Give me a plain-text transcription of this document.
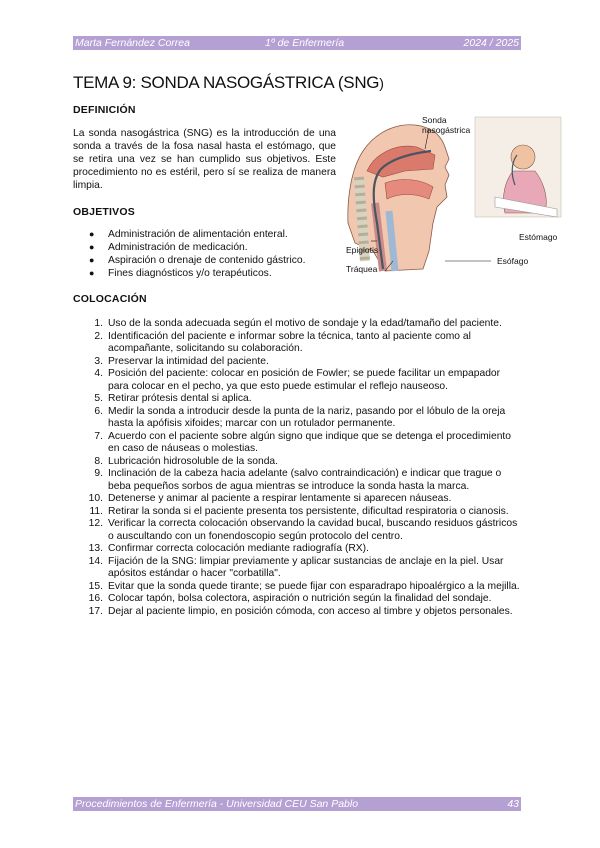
Marta Fernández Correa	1º de Enfermería	2024 / 2025
TEMA 9: SONDA NASOGÁSTRICA (SNG)
DEFINICIÓN

La sonda nasogástrica (SNG) es la introducción de una sonda a través de la fosa nasal hasta el estómago, que se retira una vez se han cumplido sus objetivos. Este procedimiento no es estéril, pero sí se realiza de manera limpia.

OBJETIVOS
● Administración de alimentación enteral.
● Administración de medicación.
● Aspiración o drenaje de contenido gástrico.
● Fines diagnósticos y/o terapéuticos.
COLOCACIÓN
1. Uso de la sonda adecuada según el motivo de sondaje y la edad/tamaño del paciente.
2. Identificación del paciente e informar sobre la técnica, tanto al paciente como al acompañante, solicitando su colaboración.
3. Preservar la intimidad del paciente.
4. Posición del paciente: colocar en posición de Fowler; se puede facilitar un empapador para colocar en el pecho, ya que esto puede estimular el reflejo nauseoso.
5. Retirar prótesis dental si aplica.
6. Medir la sonda a introducir desde la punta de la nariz, pasando por el lóbulo de la oreja hasta la apófisis xifoides; marcar con un rotulador permanente.
7. Acuerdo con el paciente sobre algún signo que indique que se detenga el procedimiento en caso de náuseas o molestias.
8. Lubricación hidrosoluble de la sonda.
9. Inclinación de la cabeza hacia adelante (salvo contraindicación) e indicar que trague o beba pequeños sorbos de agua mientras se introduce la sonda hasta la marca.
10. Detenerse y animar al paciente a respirar lentamente si aparecen náuseas.
11. Retirar la sonda si el paciente presenta tos persistente, dificultad respiratoria o cianosis.
12. Verificar la correcta colocación observando la cavidad bucal, buscando residuos gástricos o auscultando con un fonendoscopio según protocolo del centro.
13. Confirmar correcta colocación mediante radiografía (RX).
14. Fijación de la SNG: limpiar previamente y aplicar sustancias de anclaje en la piel. Usar apósitos estándar o hacer "corbatilla".
15. Evitar que la sonda quede tirante; se puede fijar con esparadrapo hipoalérgico a la mejilla.
16. Colocar tapón, bolsa colectora, aspiración o nutrición según la finalidad del sondaje.
17. Dejar al paciente limpio, en posición cómoda, con acceso al timbre y objetos personales.
Sonda
nasogástrica
Epiglotis
Tráquea
Estómago
Esófago
Procedimientos de Enfermería - Universidad CEU San Pablo	43
